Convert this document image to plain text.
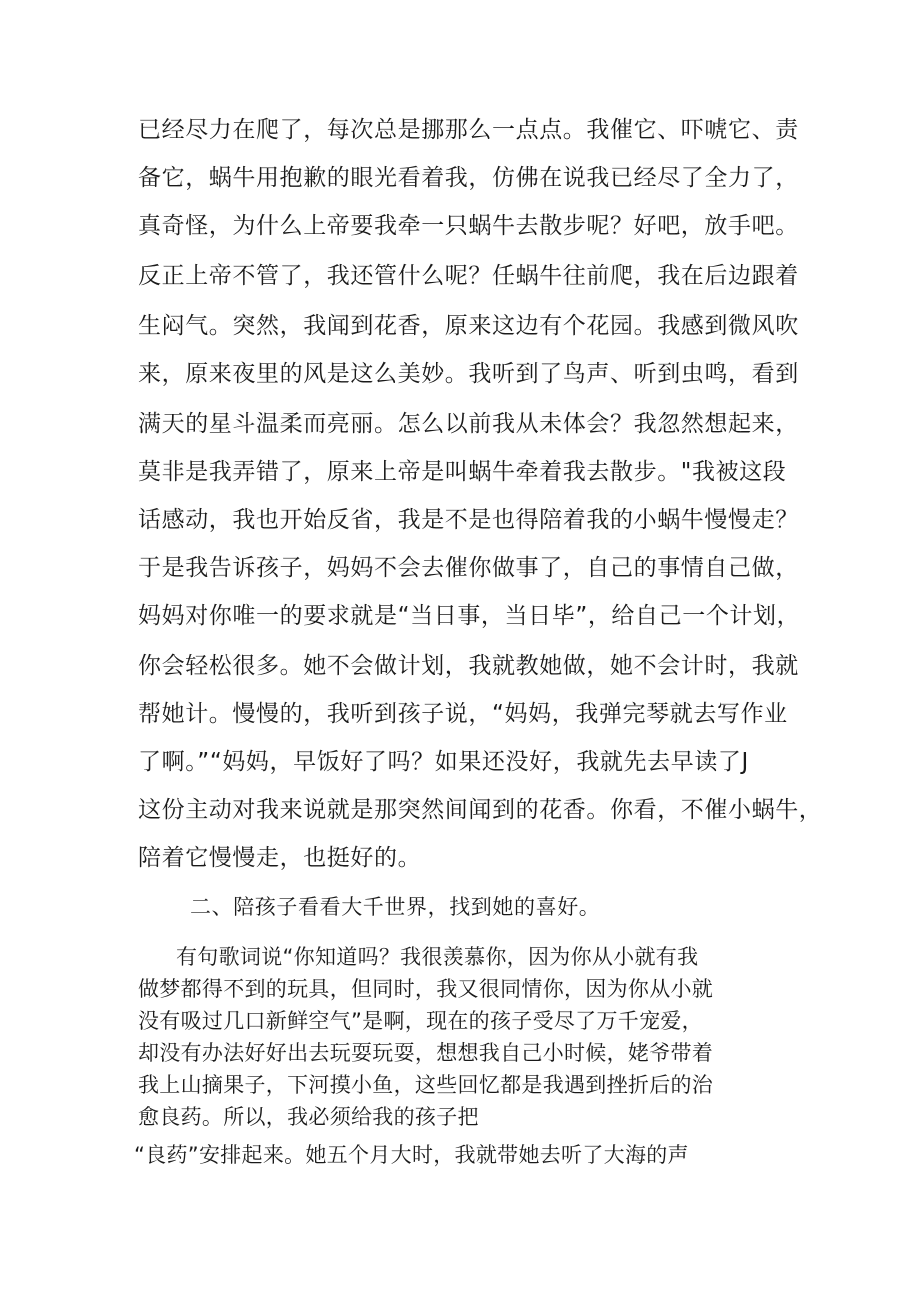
已经尽力在爬了，每次总是挪那么一点点。我催它、吓唬它、责
备它，蜗牛用抱歉的眼光看着我，仿佛在说我已经尽了全力了，
真奇怪，为什么上帝要我牵一只蜗牛去散步呢？好吧，放手吧。
反正上帝不管了，我还管什么呢？任蜗牛往前爬，我在后边跟着
生闷气。突然，我闻到花香，原来这边有个花园。我感到微风吹
来，原来夜里的风是这么美妙。我听到了鸟声、听到虫鸣，看到
满天的星斗温柔而亮丽。怎么以前我从未体会？我忽然想起来，
莫非是我弄错了，原来上帝是叫蜗牛牵着我去散步。"我被这段
话感动，我也开始反省，我是不是也得陪着我的小蜗牛慢慢走？
于是我告诉孩子，妈妈不会去催你做事了，自己的事情自己做，
妈妈对你唯一的要求就是“当日事，当日毕”，给自己一个计划，
你会轻松很多。她不会做计划，我就教她做，她不会计时，我就
帮她计。慢慢的，我听到孩子说，“妈妈，我弹完琴就去写作业
了啊。”“妈妈，早饭好了吗？如果还没好，我就先去早读了J
这份主动对我来说就是那突然间闻到的花香。你看，不催小蜗牛，
陪着它慢慢走，也挺好的。
二、陪孩子看看大千世界，找到她的喜好。
有句歌词说“你知道吗？我很羡慕你，因为你从小就有我
做梦都得不到的玩具，但同时，我又很同情你，因为你从小就
没有吸过几口新鲜空气”是啊，现在的孩子受尽了万千宠爱，
却没有办法好好出去玩耍玩耍，想想我自己小时候，姥爷带着
我上山摘果子，下河摸小鱼，这些回忆都是我遇到挫折后的治
愈良药。所以，我必须给我的孩子把
“良药”安排起来。她五个月大时，我就带她去听了大海的声
